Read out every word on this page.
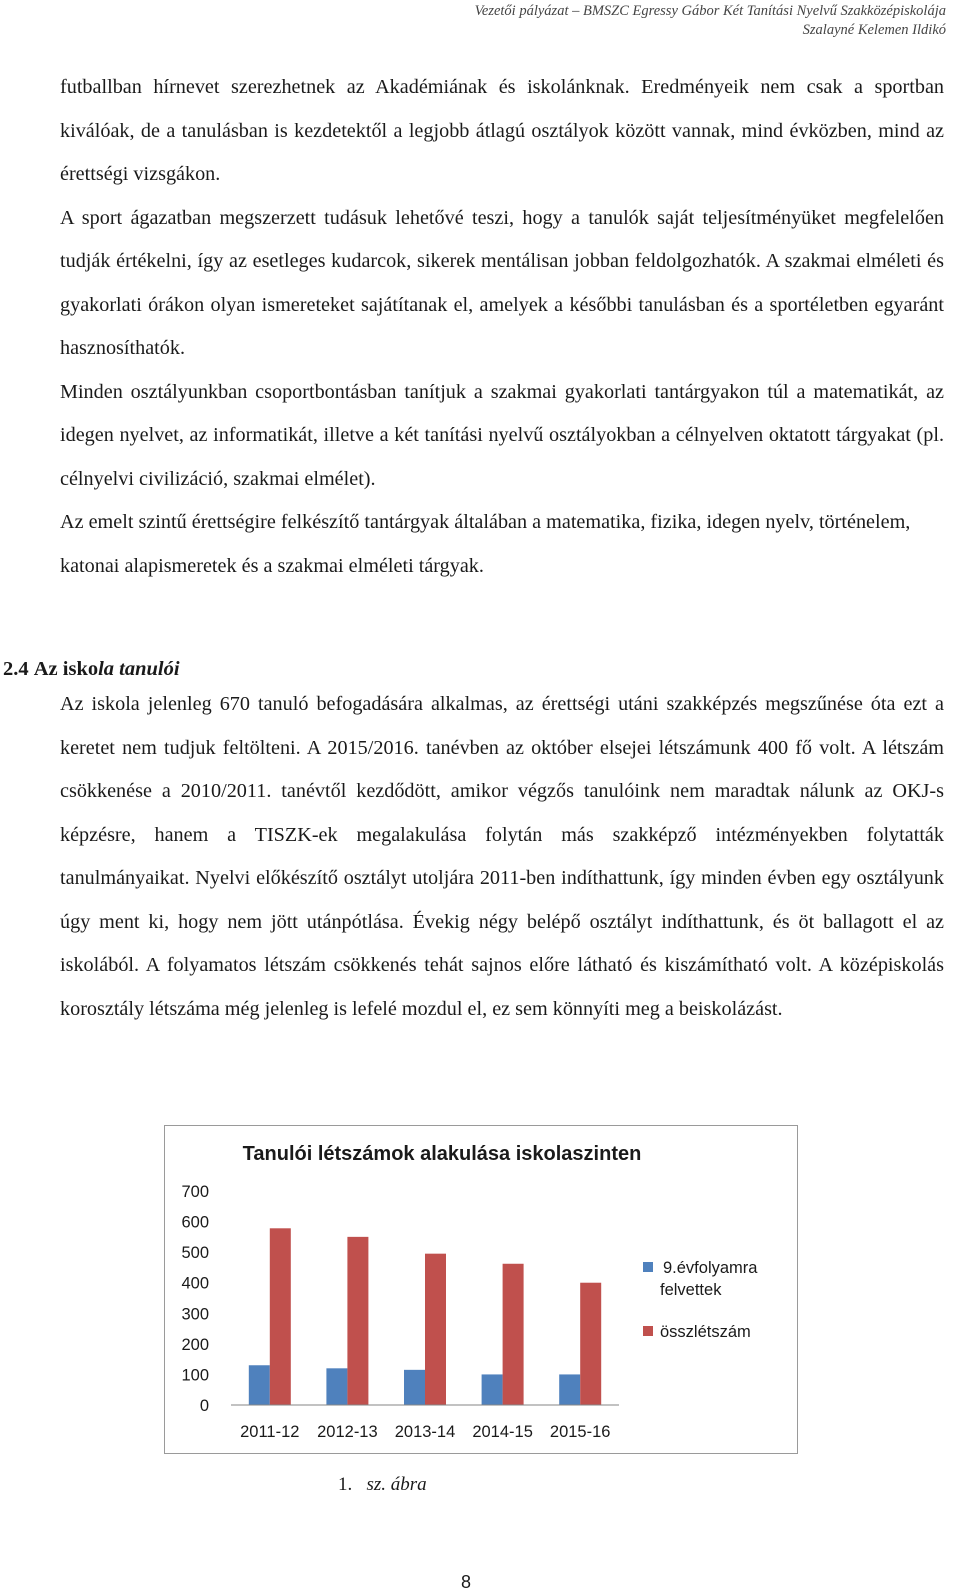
Vezetői pályázat – BMSZC Egressy Gábor Két Tanítási Nyelvű Szakközépiskolája
Szalayné Kelemen Ildikó

futballban hírnevet szerezhetnek az Akadémiának és iskolánknak. Eredményeik nem csak a sportban kiválóak, de a tanulásban is kezdetektől a legjobb átlagú osztályok között vannak, mind évközben, mind az érettségi vizsgákon.

A sport ágazatban megszerzett tudásuk lehetővé teszi, hogy a tanulók saját teljesítményüket megfelelően tudják értékelni, így az esetleges kudarcok, sikerek mentálisan jobban feldolgozhatók. A szakmai elméleti és gyakorlati órákon olyan ismereteket sajátítanak el, amelyek a későbbi tanulásban és a sportéletben egyaránt hasznosíthatók.

Minden osztályunkban csoportbontásban tanítjuk a szakmai gyakorlati tantárgyakon túl a matematikát, az idegen nyelvet, az informatikát, illetve a két tanítási nyelvű osztályokban a célnyelven oktatott tárgyakat (pl. célnyelvi civilizáció, szakmai elmélet).

Az emelt szintű érettségire felkészítő tantárgyak általában a matematika, fizika, idegen nyelv, történelem, katonai alapismeretek és a szakmai elméleti tárgyak.

2.4 Az iskola tanulói

Az iskola jelenleg 670 tanuló befogadására alkalmas, az érettségi utáni szakképzés megszűnése óta ezt a keretet nem tudjuk feltölteni. A 2015/2016. tanévben az október elsejei létszámunk 400 fő volt. A létszám csökkenése a 2010/2011. tanévtől kezdődött, amikor végzős tanulóink nem maradtak nálunk az OKJ-s képzésre, hanem a TISZK-ek megalakulása folytán más szakképző intézményekben folytatták tanulmányaikat. Nyelvi előkészítő osztályt utoljára 2011-ben indíthattunk, így minden évben egy osztályunk úgy ment ki, hogy nem jött utánpótlása. Évekig négy belépő osztályt indíthattunk, és öt ballagott el az iskolából. A folyamatos létszám csökkenés tehát sajnos előre látható és kiszámítható volt. A középiskolás korosztály létszáma még jelenleg is lefelé mozdul el, ez sem könnyíti meg a beiskolázást.

Tanulói létszámok alakulása iskolaszinten
0
100
200
300
400
500
600
700
2011-12 2012-13 2013-14 2014-15 2015-16
9.évfolyamra
felvettek
összlétszám
1. sz. ábra
8
